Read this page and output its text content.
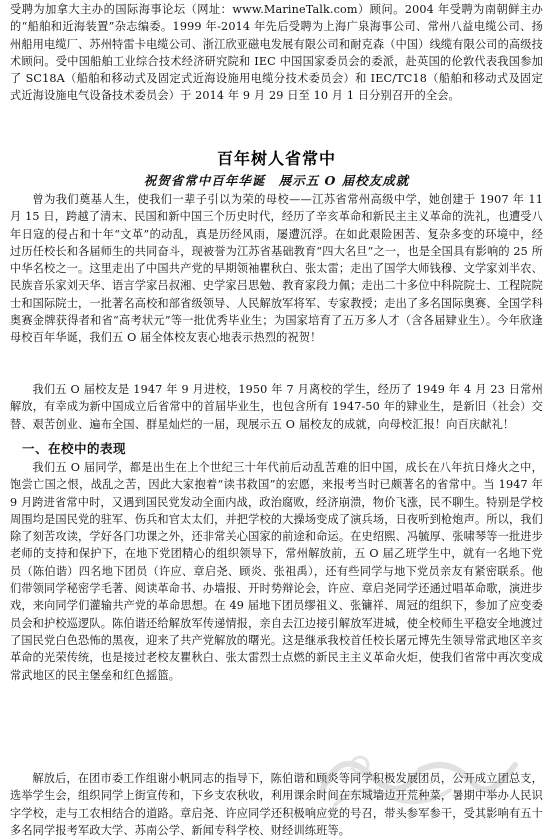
受聘为加拿大主办的国际海事论坛（网址：www.MarineTalk.com）顾问。2004 年受聘为南朝鲜主办的“船舶和近海装置”杂志编委。1999 年-2014 年先后受聘为上海广泉海事公司、常州八益电缆公司、扬州船用电缆厂、苏州特雷卡电缆公司、浙江欣亚磁电发展有限公司和耐克森（中国）线缆有限公司的高级技术顾问。受中国船舶工业综合技术经济研究院和 IEC 中国国家委员会的委派，赴英国的伦敦代表我国参加了 SC18A（船舶和移动式及固定式近海设施用电缆分技术委员会）和 IEC/TC18（船舶和移动式及固定式近海设施电气设备技术委员会）于 2014 年 9 月 29 日至 10 月 1 日分别召开的全会。
百年树人省常中
祝贺省常中百年华诞　展示五 O 届校友成就
曾为我们奠基人生，使我们一辈子引以为荣的母校——江苏省常州高级中学，她创建于 1907 年 11 月 15 日，跨越了清末、民国和新中国三个历史时代，经历了辛亥革命和新民主主义革命的洗礼，也遭受八年日寇的侵占和十年“文革”的动乱，真是历经风雨，屡遭沉浮。在如此艰险困苦、复杂多变的环境中，经过历任校长和各届师生的共同奋斗，现被誉为江苏省基础教育“四大名旦”之一，也是全国具有影响的 25 所中华名校之一。这里走出了中国共产党的早期领袖瞿秋白、张太雷；走出了国学大师钱穆、文学家刘半农、民族音乐家刘天华、语言学家吕叔湘、史学家吕思勉、教育家段力佩；走出二十多位中科院院士、工程院院士和国际院士，一批著名高校和部省级领导、人民解放军将军、专家教授；走出了多名国际奥赛、全国学科奥赛金牌获得者和省“高考状元”等一批优秀毕业生；为国家培育了五万多人才（含各届肄业生）。今年欣逢母校百年华诞，我们五 O 届全体校友衷心地表示热烈的祝贺！
我们五 O 届校友是 1947 年 9 月进校，1950 年 7 月离校的学生，经历了 1949 年 4 月 23 日常州解放，有幸成为新中国成立后省常中的首届毕业生，也包含所有 1947-50 年的肄业生，是新旧（社会）交替、艰苦创业、遍布全国、群星灿烂的一届，现展示五 O 届校友的成就，向母校汇报！向百庆献礼！
一、在校中的表现
我们五 O 届同学，都是出生在上个世纪三十年代前后动乱苦难的旧中国，成长在八年抗日烽火之中，饱尝亡国之恨，战乱之苦，因此大家抱着“读书救国”的宏愿，来报考当时已颇著名的省常中。当 1947 年 9 月跨进省常中时，又遇到国民党发动全面内战，政治腐败，经济崩溃，物价飞涨，民不聊生。特别是学校周围均是国民党的驻军、伤兵和官太太们，并把学校的大操场变成了演兵场，日夜听到枪炮声。所以，我们除了刻苦攻读，学好各门功课之外，还非常关心国家的前途和命运。在史绍熙、冯毓厚、张啸琴等一批进步老师的支持和保护下，在地下党团精心的组织领导下，常州解放前，五 O 届乙班学生中，就有一名地下党员（陈伯谐）四名地下团员（许应、章启尧、顾炎、张祖禹），还有些同学与地下党员亲友有紧密联系。他们带领同学秘密学毛著、阅读革命书、办墙报、开时势辩论会，许应、章启尧同学还通过唱革命歌，演进步戏，来向同学们灌输共产党的革命思想。在 49 届地下团员缪祖义、张镛祥、周冠的组织下，参加了应变委员会和护校巡逻队。陈伯谐还给解放军传递情报，亲自去江边接引解放军进城，使全校师生平稳安全地渡过了国民党白色恐怖的黑夜，迎来了共产党解放的曙光。这是继承我校首任校长屠元博先生领导常武地区辛亥革命的光荣传统，也是接过老校友瞿秋白、张太雷烈士点燃的新民主主义革命火炬，使我们省常中再次变成常武地区的民主堡垒和红色摇篮。
解放后，在团市委工作组谢小帆同志的指导下，陈伯谐和顾炎等同学积极发展团员，公开成立团总支，选举学生会，组织同学上街宣传和，下乡支农秋收，利用课余时间在东城墙边开荒种菜，暑期中举办人民识字学校，走与工农相结合的道路。章启尧、许应同学还积极响应党的号召，带头参军参干，受其影响有五十多名同学报考军政大学、苏南公学、新闻专科学校、财经训练班等。
